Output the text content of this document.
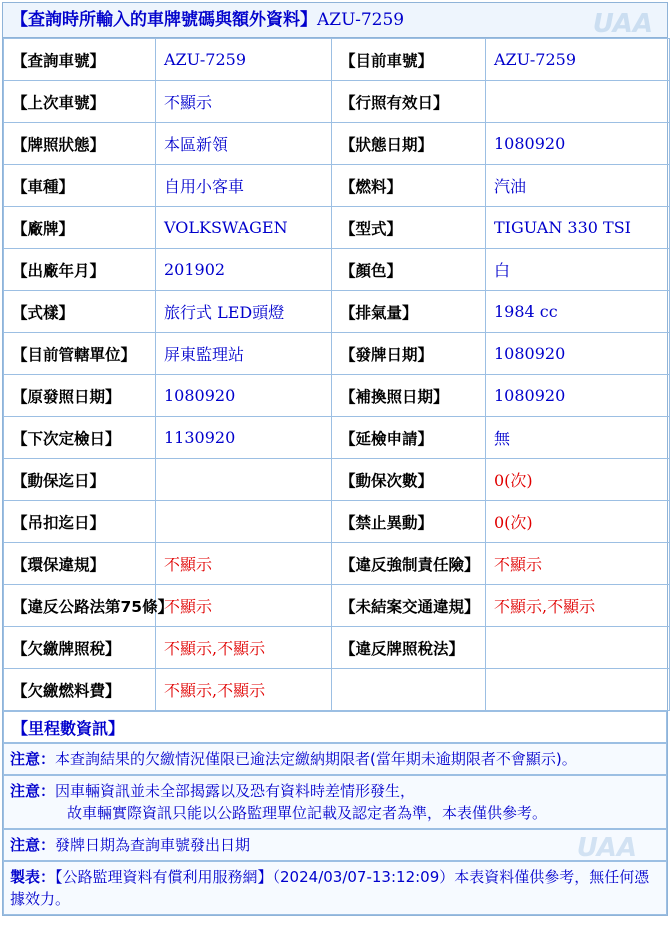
【查詢時所輸入的車牌號碼與額外資料】AZU-7259
【查詢車號】	AZU-7259	【目前車號】	AZU-7259
【上次車號】	不顯示	【行照有效日】	
【牌照狀態】	本區新領	【狀態日期】	1080920
【車種】	自用小客車	【燃料】	汽油
【廠牌】	VOLKSWAGEN	【型式】	TIGUAN 330 TSI
【出廠年月】	201902	【顏色】	白
【式樣】	旅行式 LED頭燈	【排氣量】	1984 cc
【目前管轄單位】	屏東監理站	【發牌日期】	1080920
【原發照日期】	1080920	【補換照日期】	1080920
【下次定檢日】	1130920	【延檢申請】	無
【動保迄日】		【動保次數】	0(次)
【吊扣迄日】		【禁止異動】	0(次)
【環保違規】	不顯示	【違反強制責任險】	不顯示
【違反公路法第75條】	不顯示	【未結案交通違規】	不顯示,不顯示
【欠繳牌照稅】	不顯示,不顯示	【違反牌照稅法】	
【欠繳燃料費】	不顯示,不顯示		
【里程數資訊】
注意：本查詢結果的欠繳情況僅限已逾法定繳納期限者(當年期未逾期限者不會顯示)。
注意：因車輛資訊並未全部揭露以及恐有資料時差情形發生，
故車輛實際資訊只能以公路監理單位記載及認定者為準，本表僅供參考。
注意：發牌日期為查詢車號發出日期
製表：【公路監理資料有償利用服務網】（2024/03/07-13:12:09）本表資料僅供參考，無任何憑據效力。
UAA
UAA
